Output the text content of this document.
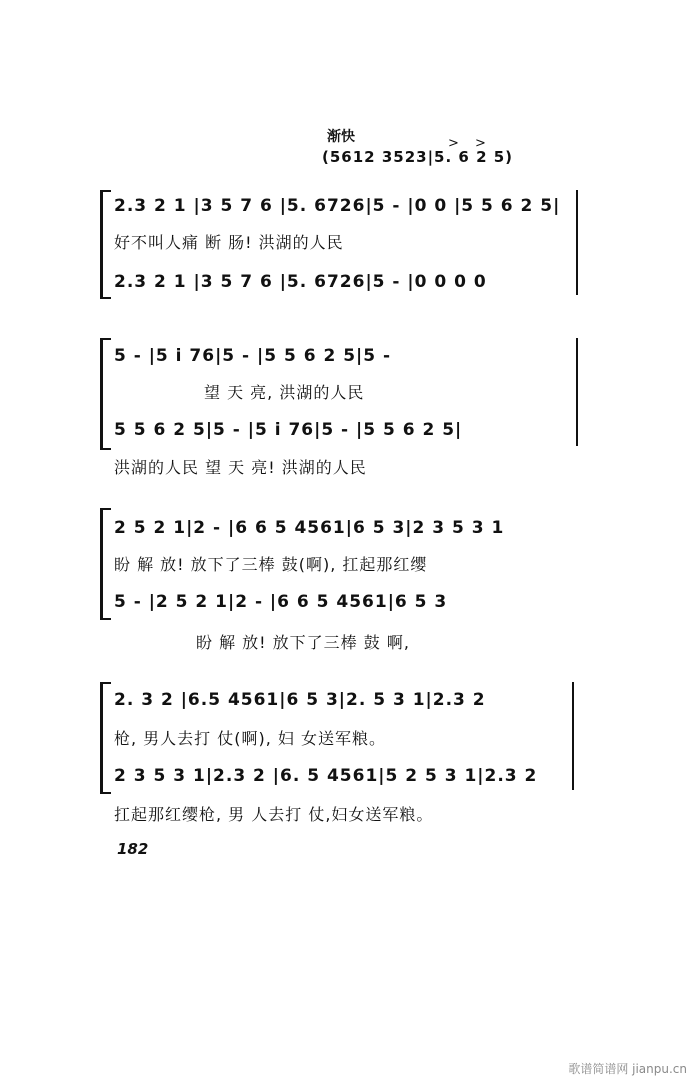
渐快	> >
(5612 3523|5. 6 2 5)
2.3 2 1 |3 5 7 6 |5. 6726|5 - |0 0 |5 5 6 2 5|
好不叫人痛 断 肠! 洪湖的人民
2.3 2 1 |3 5 7 6 |5. 6726|5 - |0 0 0 0
5 - |5 i 76|5 - |5 5 6 2 5|5 -
望 天 亮, 洪湖的人民
5 5 6 2 5|5 - |5 i 76|5 - |5 5 6 2 5|
洪湖的人民 望 天 亮! 洪湖的人民
2 5 2 1|2 - |6 6 5 4561|6 5 3|2 3 5 3 1
盼 解 放! 放下了三棒 鼓(啊), 扛起那红缨
5 - |2 5 2 1|2 - |6 6 5 4561|6 5 3
盼 解 放! 放下了三棒 鼓 啊,
2. 3 2 |6.5 4561|6 5 3|2. 5 3 1|2.3 2
枪, 男人去打 仗(啊), 妇 女送军粮。
2 3 5 3 1|2.3 2 |6. 5 4561|5 2 5 3 1|2.3 2
扛起那红缨枪, 男 人去打 仗,妇女送军粮。
182
歌谱简谱网 jianpu.cn
